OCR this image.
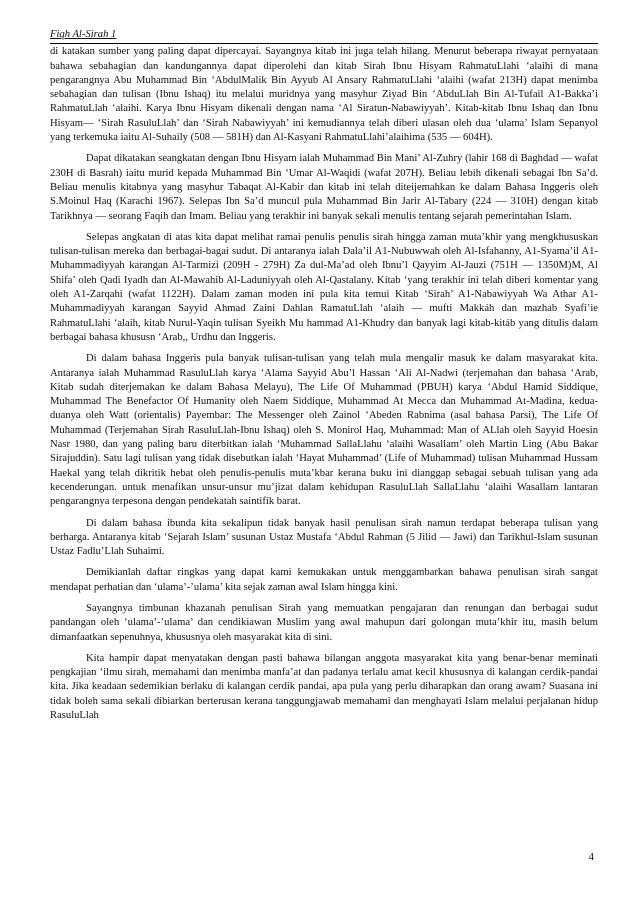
Fiqh Al-Sirah 1

di katakan sumber yang paling dapat dipercayai. Sayangnya kitab ini juga telah hilang. Menurut beberapa riwayat pernyataan bahawa sebahagian dan kandungannya dapat diperolehi dan kitab Sirah Ibnu Hisyam RahmatuLlahi ‘alaihi di mana pengarangnya Abu Muhammad Bin ‘AbdulMalik Bin Ayyub Al Ansary RahmatuLlahi ‘alaihi (wafat 213H) dapat menimba sebahagian dan tulisan (Ibnu Ishaq) itu melalui muridnya yang masyhur Ziyad Bin ‘AbduLlah Bin Al-Tufail A1-Bakka’i RahmatuLlah ‘alaihi. Karya Ibnu Hisyam dikenali dengan nama ‘Al Siratun-Nabawiyyah’. Kitab-kitab Ibnu Ishaq dan Ibnu Hisyam— ‘Sirah RasuluLlah’ dan ‘Sirah Nabawiyyah’ ini kemudiannya telah diberi ulasan oleh dua ‘ulama’ Islam Sepanyol yang terkemuka iaitu Al-Suhaily (508 — 581H) dan Al-Kasyani RahmatuLlahi’alaihima (535 — 604H).

Dapat dikatakan seangkatan dengan Ibnu Hisyam ialah Muhammad Bin Mani’ Al-Zuhry (lahir 168 di Baghdad — wafat 230H di Basrah) iaitu murid kepada Muhammad Bin ‘Umar Al-Waqidi (wafat 207H). Beliau lebih dikenali sebagai Ibn Sa’d. Beliau menulis kitabnya yang masyhur Tabaqat Al-Kabir dan kitab ini telah diteijemahkan ke dalam Bahasa Inggeris oleh S.Moinul Haq (Karachi 1967). Selepas Ibn Sa’d muncul pula Muhammad Bin Jarir Al-Tabary (224 — 310H) dengan kitab Tarikhnya — seorang Faqih dan Imam. Beliau yang terakhir ini banyak sekali menulis tentang sejarah pemerintahan Islam.

Selepas angkatan di atas kita dapat melihat ramai penulis penulis sirah hingga zaman muta’khir yang mengkhususkan tulisan-tulisan mereka dan berbagai-bagai sudut. Di antaranya ialah Dala’il A1-Nubuwwah oleh Al-Isfahanny, A1-Syama’il A1-Muhammadiyyah karangan Al-Tarmizi (209H - 279H) Za dul-Ma’ad oleh Ibnu’l Qayyim Al-Jauzi (751H — 1350M)M, Al Shifa’ oleh Qadi Iyadh dan Al-Mawahib Al-Laduniyyah oleh Al-Qastalany. Kitab ‘yang terakhir ini telah diberi komentar yang oleh A1-Zarqahi (wafat 1122H). Dalam zaman moden ini pula kita temui Kitab ‘Sirah’ A1-Nabawiyyah Wa Athar A1-Muhammadiyyah karangan Sayyid Ahmad Zaini Dahlan RamatuLlah ‘alaih — mufti Makkáh dan mazhab Syafi’ie RahmatuLlahi ‘alaih, kitab Nurul-Yaqin tulisan Syeikh Mu hammad A1-Khudry dan banyak lagi kitab-kitáb yang ditulis dalam berbagai bahasa khususn ‘Arab,, Urdhu dan Inggeris.

Di dalam bahasa Inggeris pula banyak tulisan-tulisan yang telah mula mengalir masuk ke dalam masyarakat kita. Antaranya ialah Muhammad RasuluLlah karya ‘Alama Sayyid Abu’l Hassan ‘Ali Al-Nadwi (terjemahan dan bahasa ‘Arab, Kitab sudah diterjemakan ke dalam Bahasa Melayu), The Life Of Muhammad (PBUH) karya ‘Abdul Hamid Siddique, Muhammad The Benefactor Of Humanity oleh Naem Siddique, Muhammad At Mecca dan Muhammad At-Madina, kedua-duanya oleh Watt (orientalis) Payembar: The Messenger oleh Zainol ‘Abeden Rabnima (asal bahasa Parsi), The Life Of Muhammad (Terjemahan Sirah RasuluLlah-Ibnu Ishaq) oleh S. Monirol Haq, Muhammad: Man of ALlah oleh Sayyid Hoesin Nasr 1980, dan yang paling baru diterbitkan ialah ‘Muhammad SallaLlahu ‘alaihi Wasallam’ oleh Martin Ling (Abu Bakar Sirajuddin). Satu lagi tulisan yang tidak disebutkan ialah ‘Hayat Muhammad’ (Life of Muhammad) tulisan Muhammad Hussam Haekal yang telah dikritik hebat oleh penulis-penulis muta’kbar kerana buku ini dianggap sebagai sebuah tulisan yang ada kecenderungan. untuk menafikan unsur-unsur mu’jizat dalam kehidupan RasuluLlah SallaLlahu ‘alaihi Wasallam lantaran pengarangnya terpesona dengan pendekatah saintifik barat.

Di dalam bahasa ibunda kita sekalipun tidak banyak hasil penulisan sirah namun terdapat beberapa tulisan yang berharga. Antaranya kitab ‘Sejarah Islam’ susunan Ustaz Mustafa ‘Abdul Rahman (5 Jilid — Jawi) dan Tarikhul-Islam susunan Ustaz Fadlu’Llah Suhaimi.

Demikianlah daftar ringkas yang dapat kami kemukakan untuk menggambarkan bahawa penulisan sirah sangat mendapat perhatian dan ‘ulama’-’ulama’ kita sejak zaman awal Islam hingga kini.

Sayangnya timbunan khazanah penulisan Sirah yang memuatkan pengajaran dan renungan dan berbagai sudut pandangan oleh ‘ulama’-’ulama’ dan cendikiawan Muslim yang awal mahupun dari golongan muta’khir itu, masih belum dimanfaatkan sepenuhnya, khususnya oleh masyarakat kita di sini.

Kita hampir dapat menyatakan dengan pasti bahawa bilangan anggota masyarakat kita yang benar-benar meminati pengkajian ‘ilmu sirah, memahami dan menimba manfa’at dan padanya terlalu amat kecil khususnya di kalangan cerdik-pandai kita. Jika keadaan sedemikian berlaku di kalangan cerdik pandai, apa pula yang perlu diharapkan dan orang awam? Suasana ini tidak boleh sama sekali dibiarkan berterusan kerana tanggungjawab memahami dan menghayati Islam melalui perjalanan hidup RasuluLlah

4
